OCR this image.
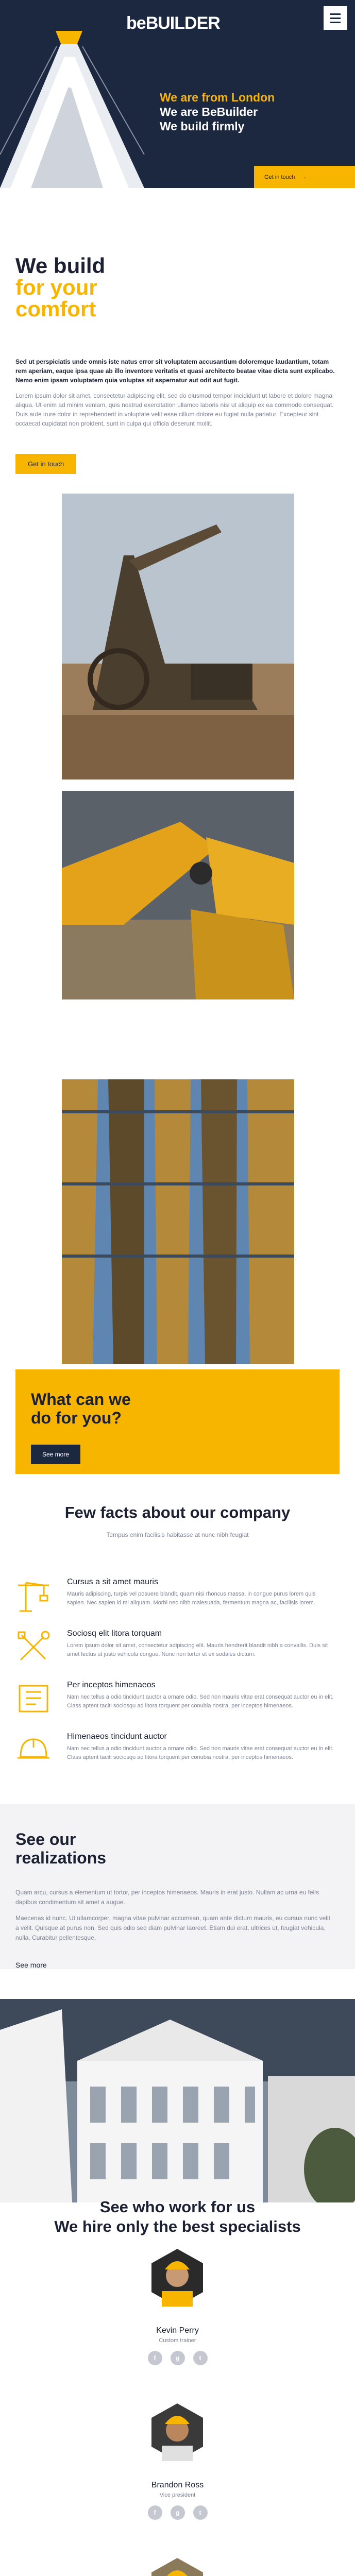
beBUILDER
We are from London
We are BeBuilder
We build firmly
Get in touch →
We build
for your
comfort

Sed ut perspiciatis unde omnis iste natus error sit voluptatem accusantium doloremque laudantium, totam rem aperiam, eaque ipsa quae ab illo inventore veritatis et quasi architecto beatae vitae dicta sunt explicabo. Nemo enim ipsam voluptatem quia voluptas sit aspernatur aut odit aut fugit.

Lorem ipsum dolor sit amet, consectetur adipiscing elit, sed do eiusmod tempor incididunt ut labore et dolore magna aliqua. Ut enim ad minim veniam, quis nostrud exercitation ullamco laboris nisi ut aliquip ex ea commodo consequat. Duis aute irure dolor in reprehenderit in voluptate velit esse cillum dolore eu fugiat nulla pariatur. Excepteur sint occaecat cupidatat non proident, sunt in culpa qui officia deserunt mollit.

Get in touch
What can we
do for you?
See more
Few facts about our company

Tempus enim facilisis habitasse at nunc nibh feugiat

Cursus a sit amet mauris

Mauris adipiscing, turpis vel posuere blandit, quam nisi rhoncus massa, in congue purus lorem quis sapien. Nec sapien id mi aliquam. Morbi nec nibh malesuada, fermentum magna ac, facilisis lorem.

Sociosq elit litora torquam

Lorem ipsum dolor sit amet, consectetur adipiscing elit. Mauris hendrerit blandit nibh a convallis. Duis sit amet lectus ut justo vehicula congue. Nunc non tortor et ex sodales dictum.

Per inceptos himenaeos

Nam nec tellus a odio tincidunt auctor a ornare odio. Sed non mauris vitae erat consequat auctor eu in elit. Class aptent taciti sociosqu ad litora torquent per conubia nostra, per inceptos himenaeos.

Himenaeos tincidunt auctor

Nam nec tellus a odio tincidunt auctor a ornare odio. Sed non mauris vitae erat consequat auctor eu in elit. Class aptent taciti sociosqu ad litora torquent per conubia nostra, per inceptos himenaeos.

See our
realizations

Quam arcu, cursus a elementum ut tortor, per inceptos himenaeos. Mauris in erat justo. Nullam ac urna eu felis dapibus condimentum sit amet a augue.

Maecenas id nunc. Ut ullamcorper, magna vitae pulvinar accumsan, quam ante dictum mauris, eu cursus nunc velit a velit. Quisque at purus non. Sed quis odio sed diam pulvinar laoreet. Etiam dui erat, ultrices ut, feugiat vehicula, nulla. Curabitur pellentesque.

See more
See who work for us
We hire only the best specialists
Kevin Perry
Custom trainer
f	g	t
Brandon Ross
Vice president
f	g	t
